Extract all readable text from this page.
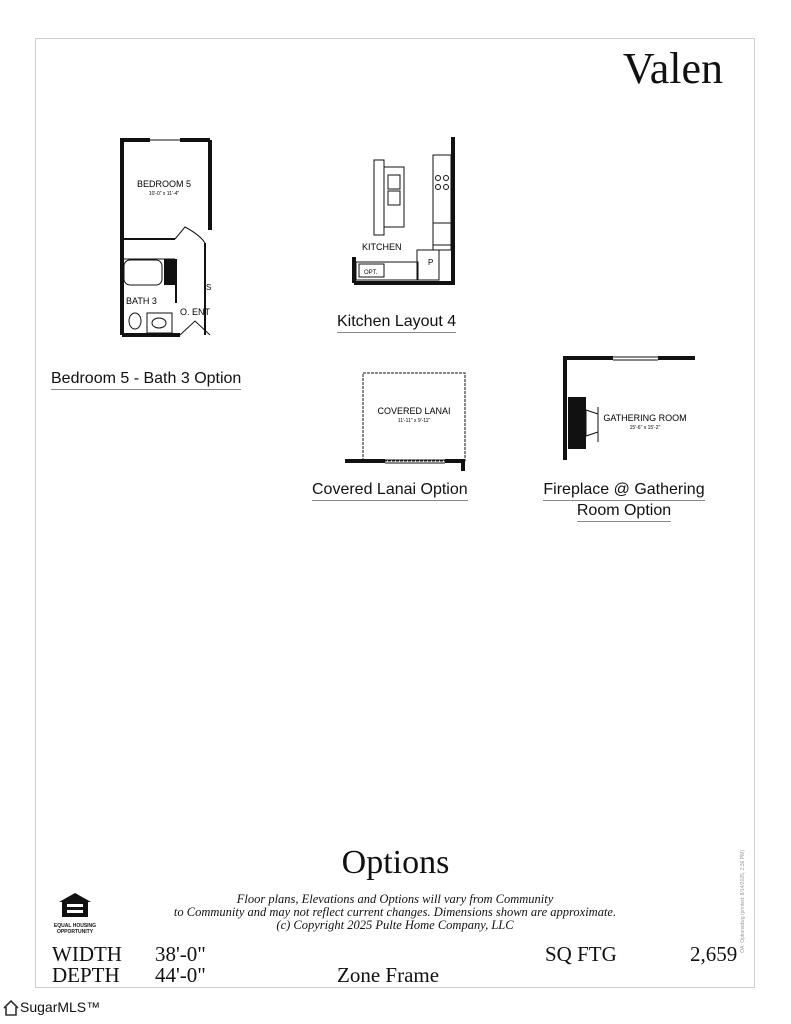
Valen
BEDROOM 5
10'-0" x 11'-4"
BATH 3
O. ENT
S
Bedroom 5 - Bath 3 Option
KITCHEN
OPT.
P
Kitchen Layout 4
COVERED LANAI
11'-11" x 9'-11"
Covered Lanai Option
GATHERING ROOM
15'-6" x 15'-2"
Fireplace @ Gathering
Room Option
Options
EQUAL HOUSING
OPPORTUNITY
Floor plans, Elevations and Options will vary from Community
to Community and may not reflect current changes. Dimensions shown are approximate.
(c) Copyright 2025 Pulte Home Company, LLC
WIDTH 38'-0"
DEPTH 44'-0"	Zone Frame
SQ FTG	2,659
OA: Optionsdwg (printed: 8/14/2025, 2:36 PM)
SugarMLS™
